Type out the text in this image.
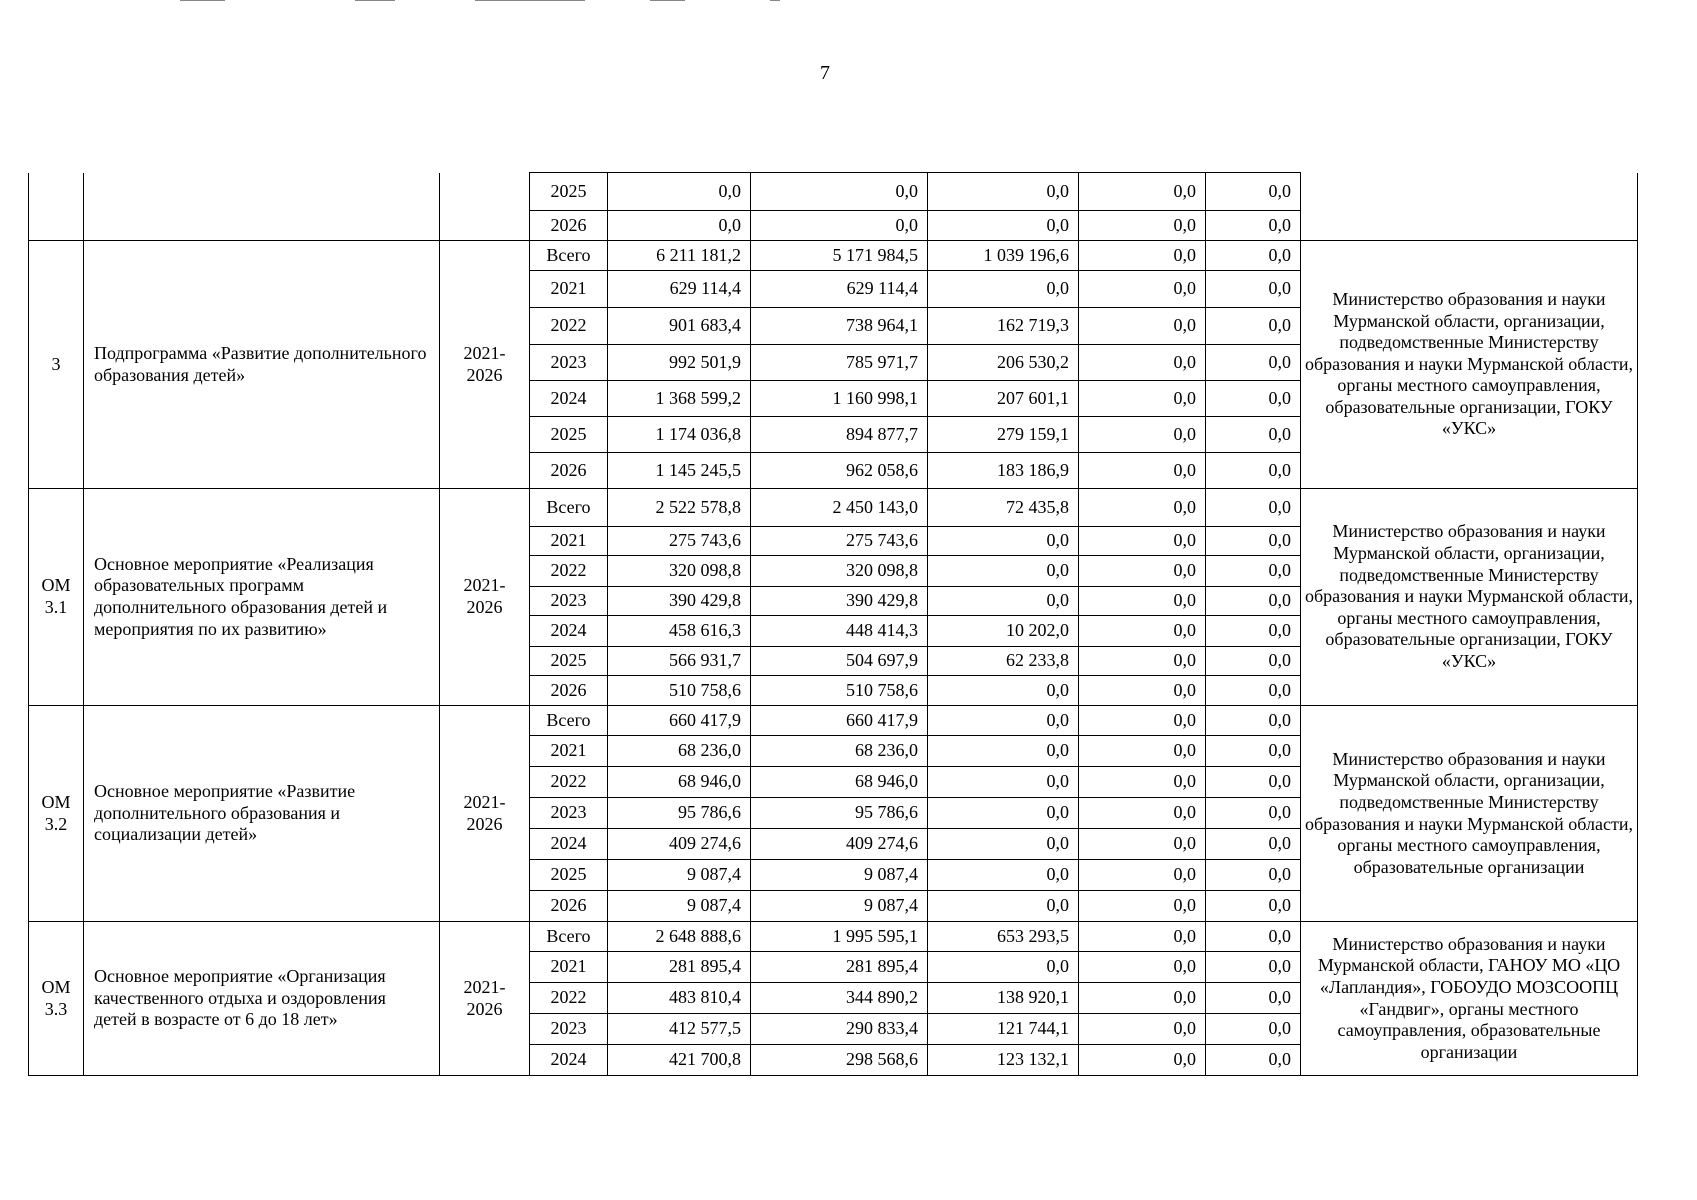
7
			2025	0,0	0,0	0,0	0,0	0,0	
			2026	0,0	0,0	0,0	0,0	0,0	
3	Подпрограмма «Развитие дополнительного образования детей»	2021-2026	Всего	6 211 181,2	5 171 984,5	1 039 196,6	0,0	0,0	Министерство образования и науки Мурманской области, организации, подведомственные Министерству образования и науки Мурманской области, органы местного самоуправления, образовательные организации, ГОКУ «УКС»
			2021	629 114,4	629 114,4	0,0	0,0	0,0	
			2022	901 683,4	738 964,1	162 719,3	0,0	0,0	
			2023	992 501,9	785 971,7	206 530,2	0,0	0,0	
			2024	1 368 599,2	1 160 998,1	207 601,1	0,0	0,0	
			2025	1 174 036,8	894 877,7	279 159,1	0,0	0,0	
			2026	1 145 245,5	962 058,6	183 186,9	0,0	0,0	
ОМ 3.1	Основное мероприятие «Реализация образовательных программ дополнительного образования детей и мероприятия по их развитию»	2021-2026	Всего	2 522 578,8	2 450 143,0	72 435,8	0,0	0,0	Министерство образования и науки Мурманской области, организации, подведомственные Министерству образования и науки Мурманской области, органы местного самоуправления, образовательные организации, ГОКУ «УКС»
			2021	275 743,6	275 743,6	0,0	0,0	0,0	
			2022	320 098,8	320 098,8	0,0	0,0	0,0	
			2023	390 429,8	390 429,8	0,0	0,0	0,0	
			2024	458 616,3	448 414,3	10 202,0	0,0	0,0	
			2025	566 931,7	504 697,9	62 233,8	0,0	0,0	
			2026	510 758,6	510 758,6	0,0	0,0	0,0	
ОМ 3.2	Основное мероприятие «Развитие дополнительного образования и социализации детей»	2021-2026	Всего	660 417,9	660 417,9	0,0	0,0	0,0	Министерство образования и науки Мурманской области, организации, подведомственные Министерству образования и науки Мурманской области, органы местного самоуправления, образовательные организации
			2021	68 236,0	68 236,0	0,0	0,0	0,0	
			2022	68 946,0	68 946,0	0,0	0,0	0,0	
			2023	95 786,6	95 786,6	0,0	0,0	0,0	
			2024	409 274,6	409 274,6	0,0	0,0	0,0	
			2025	9 087,4	9 087,4	0,0	0,0	0,0	
			2026	9 087,4	9 087,4	0,0	0,0	0,0	
ОМ 3.3	Основное мероприятие «Организация качественного отдыха и оздоровления детей в возрасте от 6 до 18 лет»	2021-2026	Всего	2 648 888,6	1 995 595,1	653 293,5	0,0	0,0	Министерство образования и науки Мурманской области, ГАНОУ МО «ЦО «Лапландия», ГОБОУДО МОЗСООПЦ «Гандвиг», органы местного самоуправления, образовательные организации
			2021	281 895,4	281 895,4	0,0	0,0	0,0	
			2022	483 810,4	344 890,2	138 920,1	0,0	0,0	
			2023	412 577,5	290 833,4	121 744,1	0,0	0,0	
			2024	421 700,8	298 568,6	123 132,1	0,0	0,0	
